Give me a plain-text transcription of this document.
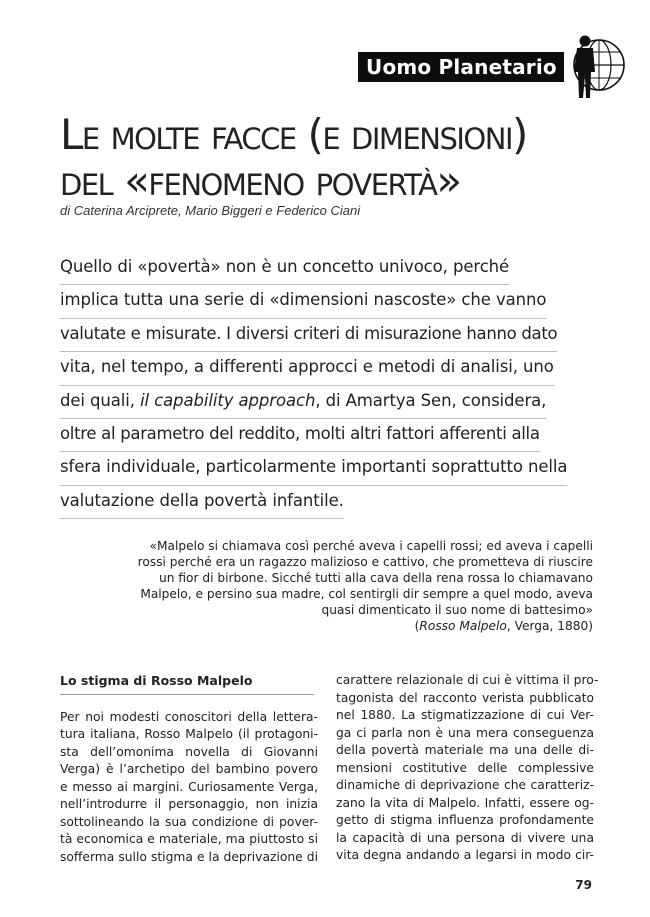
Uomo Planetario
Le molte facce (e dimensioni)
del «fenomeno povertà»
di Caterina Arciprete, Mario Biggeri e Federico Ciani
Quello di «povertà» non è un concetto univoco, perché
implica tutta una serie di «dimensioni nascoste» che vanno
valutate e misurate. I diversi criteri di misurazione hanno dato
vita, nel tempo, a differenti approcci e metodi di analisi, uno
dei quali, il capability approach, di Amartya Sen, considera,
oltre al parametro del reddito, molti altri fattori afferenti alla
sfera individuale, particolarmente importanti soprattutto nella
valutazione della povertà infantile.
«Malpelo si chiamava così perché aveva i capelli rossi; ed aveva i capelli
rossi perché era un ragazzo malizioso e cattivo, che prometteva di riuscire
un fior di birbone. Sicché tutti alla cava della rena rossa lo chiamavano
Malpelo, e persino sua madre, col sentirgli dir sempre a quel modo, aveva
quasi dimenticato il suo nome di battesimo»
(Rosso Malpelo, Verga, 1880)
Lo stigma di Rosso Malpelo
Per noi modesti conoscitori della lettera-
tura italiana, Rosso Malpelo (il protagoni-
sta dell’omonima novella di Giovanni
Verga) è l’archetipo del bambino povero
e messo ai margini. Curiosamente Verga,
nell’introdurre il personaggio, non inizia
sottolineando la sua condizione di pover-
tà economica e materiale, ma piuttosto si
sofferma sullo stigma e la deprivazione di
carattere relazionale di cui è vittima il pro-
tagonista del racconto verista pubblicato
nel 1880. La stigmatizzazione di cui Ver-
ga ci parla non è una mera conseguenza
della povertà materiale ma una delle di-
mensioni costitutive delle complessive
dinamiche di deprivazione che caratteriz-
zano la vita di Malpelo. Infatti, essere og-
getto di stigma influenza profondamente
la capacità di una persona di vivere una
vita degna andando a legarsi in modo cir-
79
